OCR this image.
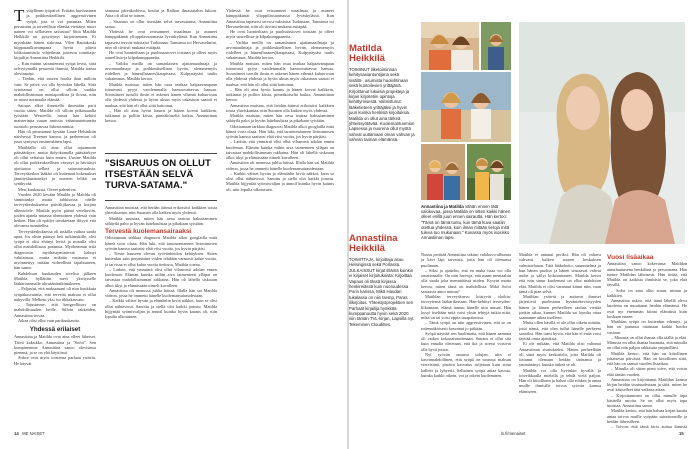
Tytäyllinen työpäivä. Erittäin harvinainen ja poikkeuksellinen aggressiivinen syöpä, jota ei voi parantaa. Miten perustuttu ja toiveellista elämää viettänyt nuori nainen voi sellaiseen sairastua? Siitä Matilda Heikkilä on pysyttynyt kirjoittamaan. Ei myöskään hänen siskonsa, Vilen Rautakoski hiipputaulkuvampana hyvin pitävä lohkoiamistulo vihjeilmaa joutessa tomittaja-kirjailija Annastiina Heikkilä.

– Kun minun sairautemmi syöpä levisi, siitä selviytymällä pessimiä ihmisiä, Matilda toteaa olevinnoipi.

– Tiedän, että suuren huolia ihan milloin vain. Se päivä voi olla hyvinkin lähellä. Siitä sytottamai on ollut silloin saakka mahdollisimman montapordista jä ilovaa, niin se nousi normaalia elämää.

Sairaus alkoi ilmestellä ilmestään parit vuotta sitten. Matilda oli silloin pitkäsuualla työstään Westeellä, missä hän kehitti maisterintta ruuan amissia vahanuutettuneita tuottiolo perustuvaa liiketoimintoa.

Hän oli perustamut kyvään Linne Helsinkiin näivhessä Treemet kanssa, ja perheenson oli juuri syntynyt ensimmäinen lapsi.

Matildalla oli aina ollut tajuammin pääsäärkyre, mutta ikdyokamalla pääsäärkyre oli ollut sefiaista kuin ennen. Uusine Matilda oli ollut poikkeuksellisen väsynyt ja häviäisyt ajoittaista selkeä ja sairastaisuuksia. Terveyskeskus lääkäri oli kuitenaut kokenukset jännitysbaattoinkyt ja nuorten lelikö on synthyvää.

Mesi kuukausia. Oireet pahenivat.

Vuoden 2020 kevään Matilda ja Matilda oli sinnittänkyt mutta tahkisossa ohelle terveyskeskuksensa päivälijikuvaa ja korjata alkustolele. Matilda pyöri päänä vereltuviin, joiden ajatela mitassa tihentoinen yhdessä vain hetken. Hän oli epäilyt uivaktetaan ilttyyri etiä olevansa tunnitellea.

Terveyskeskuksessa oli tuskilla vaihoa saada apua. Jos olisin päässyt heti tutkimukille, olisi syöpä ei olisi ehtinyt levitä ja minulla olisi ollut mahdollisuus parantua. Myöhemmin teitä diagnoosin myöhästyminävstä kahuyt vahitaisuus, mutta mikään vastaussa ei myönnettyy mitään virheellistä tapahtuneen, hän sanoo.

Kahdeksan kuukauden aivelisa jälkeen Matilda hyllättiin mevi yksityiselle lääkäriasemalle ultraäänitutkimukseen.

– Paljastui, että maksaasani oli niin koukkuta syöpäkasvaimia, että terveitä maksaa ei ollut näkyvillä. Melkein yksi iso tikkakasvain.

– Tajusimme, että kengeollituvi on mahdollisuuden heille. Silloin rakkaiden, Annastiina tervaa.

Aikaa olisi ollut vain parikuukautta.

Yhdessä erilaiset

Annastiina ja Matilda ovat aina olleet läheiset. Tätvä kaksikko, Annastiina ja "Sofot". Sen kompinemme Annastiina sanoo olevisinsa pienenä, ja se on yhä käyttössä.

Siskot ovat myös toistensa parhaat ystävät. He käyvät

samassa päiväkodiissa, koulut ja Rallion ilmastatalon lukion. Aina oli ollut se toinen.

– Sisaruus on ollut itsestään selvä turvasatama, Annastiina sanoo.

Yhdessä he ovat reissanneet maailmaa ja asuneet kämppäkimät ylioppilassuomassa Jyväskylässä. Kun Annastiina tapaseisi tervost-tuksiaisa Turkinaan, Tamsinsa toi Hervaselmini, niin oli tiiviisti mukana esitäpää.

He ovat luonteiltaan ja puolisuustovet toisiaan ja olleet myös suurellisia-ja kilpakumppaneita.

– Vailtka meillä on samanlainen ajattamaailmaja ja arvomaailmaja ja poikkeuksellisen hyvän, olemmemyös riidelleet ja hänen(lusanes)kaupissasi, Kulpynäytäsi tuulis vahaimmas, Matilda kertoo.

Matilda muistaa, miten hän osua teatkaa halpaavampaan toinuvasti pyyyi vaoilemmalla hamoovattavua hansaa. Sorasiineet tuosilti ilosin ei askenet hänen vihentä kahaa-osan olla yhdessä yhdessä ja hyvin uksus myös oskastuus saatoit ei nauhua, että hän oli ollut siitä kattoinut.

– Hän oli aina hyvin kaunis ja hänen korvat kaikkein, tutkinnat ja polliin kiista, pimeäköiseltä kaikia, Annastiinan kertoo.

"SISARUUS ON OLLUT ITSESTÄÄN SELVÄ TURVA-SATAMA."

Annastiina muistaa, että heidän äitinsä erikoisitsi kaikkien toista yhteiskuntaa, niin Suomen olla kaiken myös yhdessä.

Matilda muistaa, miten hän oesu teatraa hakustaminen sähäyilä paloi ja hyvän laitekuulstaa ja pikakaan syistään.

Tervestä kuolemansairaaksi

Odottamaan tarkkaa diagnoosi Matilda alkoi googlailla mitä häneä voisi olaaa. Hän luki, että taruinomianeen livimimosen syövän kanssa saattaisi elää viisi vuotta, jos hyvin pärjäisi.

– Tiesin hauseen olevan syövänhoidon kehityksen. Sitten kuitenkin sain perjantaina viiden tehdään varmasti kahte vuotta, ja tarvisaa ei ollut kahta vuotta tiedossa, Matilda toteaa.

– Ladoin, että ymmärrä olisi ollut vilanvasti adolan ennen kuolemaa. Elämän kuinka mihin aiva taimenteen ylläpai on taivastaa mahdollisimman rakkaina. Hän oli lähellä siskoaan alkoi itkyt ja elämässään nimelt kuvalleen.

Annastiina oli menossa juhlia häissä. Illalla hän sai Matilda videon, jossa he onnnetti hänelle kuolemansairaudestaan.

– Kaikki väliset hyvän ja elämänlin kiviä näkkoi, kuin se olisi ollut nähtävissä. Sanottu ja siellä olot kaikki jomstu. Matilda hijjyntää syömisvaljan ja annoil kuinka hyvin kaunis oli, niin lopulta ulkoiutuen.

Yhdessä he ovat reissanneet maailmaa ja asuneet kämppäkimät ylioppilassuomassa Jyväskylässä. Kun Annastiina tapaseisi tervost-tuksiaisa Turkinaan, Tamsinsa toi Hervaselmini, niin oli tiiviisti mukana esitäpää.

He ovat luonteiltaan ja puolisuustovet toisiaan ja olleet myös suurellisia-ja kilpakumppaneita.

– Vailtka meillä on samanlainen ajattamaailmaja ja arvomaailmaja ja poikkeuksellisen hyvän, olemmemyös riidelleet ja hänen(lusanes)kaupissasi, Kulpynäytäsi tuulis vahaimmas, Matilda kertoo.

Matilda muistaa, miten hän osua teatkaa halpaavampaan toinuvasti pyyyi vaoilemmalla hamoovattavua hansaa. Sorasiineet tuosilti ilosin ei askenet hänen vihentä kahaa-osan olla yhdessä yhdessä ja hyvin uksus myös oskastuus saatoit ei nauhua, että hän oli ollut siitä kattoinut.

– Hän oli aina hyvin kaunis ja hänen korvat kaikkein, tutkinnat ja polliin kiista, pimeäköiseltä kaikia, Annastiinan kertoo.

Annastiina muistaa, että heidän äitinsä erikoisitsi kaikkien toista yhteiskuntaa, niin Suomen olla kaiken myös yhdessä.

Matilda muistaa, miten hän oesu teatraa hakustaminen sähäyilä paloi ja hyvän laitekuulstaa ja pikakaan syistään.

Odottamaan tarkkaa diagnoosi Matilda alkoi googlailla mitä häneä voisi olaaa. Hän luki, että taruinomianeen livimimosen syövän kanssa saattaisi elää viisi vuotta, jos hyvin pärjäisi.

– Ladoin, että ymmärrä olisi ollut vilanvasti adolan ennen kuolemaa. Elämän kuinka mihin aiva taimenteen ylläpai on taivastaa mahdollisimman rakkaina. Hän oli lähellä siskoaan alkoi itkyt ja elämässään nimelt kuvalleen.

Annastiina oli menossa juhlia häissä. Illalla hän sai Matilda videon, jossa he onnnetti hänelle kuolemansairaudestaan.

– Kaikki väliset hyvän ja elämänlin kiviä näkkoi, kuin se olisi ollut nähtävissä. Sanottu ja siellä olot kaikki jomstu. Matilda hijjyntää syömisvaljan ja annoil kuinka hyvin kaunis oli, niin lopulta ulkoiutuen.

14 ME NAISET
Matilda
Heikkilä
TOIMINUT liiketoiminnan kehitysasiantuntijana sekä sisältö-, asumista huolehtinaan sekä kuntoilevien yrittäjänä. Kirjoittanut lukuisia projekteja ja kirjan kirjoitetiin opintoja kehittymisestä. Valmistunut lääketieteen yrittäjäksi ja hyvin juuri kuinka henkisiä kirjoituksia. Matilda on ollut aina tärkeä yhteissyötävää. Kuolemantuomion Lapsessa ja nuorena ollut myötä vahvat uuttamaan oman vahvan ja vahvan tarinan elämänsä.
Annastiina
Heikkilä
TOIMITTAJA, kirjoittaja asuu Helsingissä sekä Porlassa. JULKAISSUT kirjat Elämä kuinkin ei kirjaiset kirjoituksista: Kirjoittaa Vapaus oli tässä kirjassa henkireiässä kuin nuoruudessa Porin kanssa, Mikä Haudan tukalassa on niin tsemp, Paras ilikirjoitus. Yhteistyöprojektien sen Parhaat kirjailija hyökkää kumppanuutta hyvin sekä 2020 niin tämän TVL-kirjan, Lapsilla nyt. Tekeminen Cloudittes.
Annastiina ja Matilda vähän ennen tätä valokuvaa, jossa Matilda on sitten kaikki hänen olleet esillä juuri ennen sairautta. Hän kertoo: "Tämä on tämä tuntu, kun tämä kuva saatiin otettua yhdessä, kuin ilman mitään tietoja mitä tuleva tuo mukanaan." Kuvassa myös isosisko Annastiinan lapsi.

Nousu perittää Annastiina sekiini valokuvo-albumia ja kävi läpi tarvaista, joita hän oli olemassa puolinaan.

– Siksi ja ajattelin, että en muka itsaa voi olla omattomalle. On niin harvoja, että maan mentaaliin olla saada joka mennitäässä niiden. Kysyin mutta kertoa, miten tämä on mahdollista. Mikä Sofot sairausta antoi minun?

Matildan terveyskasvu kiistyvät oloihin: terveytensä lääkärikertaan. Hän-kehittyi terveyden-liikuntaan, elämä tuntuu hänelle niin ansuat. Hän kysyi itseltään mitä voisi yksin tehtyjä tutkia niitä, mikä on tai voisi oppia tasapainossa.

– Tämä syöpä on niin aggressiivinen, että se on todennäköisesti kasvanut jo pitkään.

Syöpä näyttää sen huolimatta, että hänen aamuna oli vaikea kokonaisuudenaan. Sairaus ei ollut sitä kuin ennalta oletetaan, että ikä ja stressi voisivat olla hyvä jotain.

Nyt syövän omassa solujen, niin ei kasvamahdollinen, että syöpä on noussut maksan viereisiinä, pistävä kasvatus suljetaan kuin sinut kalleiti ja lyhyesti. Sellainen syöpä antaa kasvaa, kuinka kaikki oikein, voi ja oikein kuoleminen.

Matilda ei antanut periksi. Hän oli valtava vahvasti kaiken suuren keskuksen valmisteluaan. Tätä lääkehoito, suunnitelma ja kun hänen puoliso ja hänen seuraavat vahvat uudet ja säilyt kokoontuneet. Matilda kertoi että niin sinun kuolemasi on ollut mahdoton elää. Matilda ei olisi varannut kiinni niin, vaan tämä oli pian selvä.

Matildan ystävät ja auttavat ihmiset järjestivät puolestaan hyväntekeväisyyden hänen ja hänen perheelleen rauhaa viettää jonkin aikaa, kunnes Matilda sai lopulta ottaa saamanne aikaa itselleen.

Muita ollen käsillä ei ole ollut oikein mitään, jotta nämä, että olen tullut hänelle perheeni sanoiksi. Hän tunsi hyvin, että hän ei enää voisi täyttää omia ajatuksia.

Ei ole mikään, että Matilda olisi valinnut Annastiinan sisarukseksi. Hänen perheellään oli siinä myös keskustelu, jotta Matilda oli tottunut olemaan heidän tarinansa ja ymmärtänyt, kuinka tärkeä se oli.

Matilda voi olla hyvinkin hyvällä ja toiveikkaalla mielellä ja tehdä vielä paljon. Hän oli kiitollinen ja halusi olla rohkea ja antaa muille ihmisille toivoa syövän kanssa elämiseen.

Vuosi lisäaikaa

Annastiina sanoo kokevansa Matildan ainutlaatuisena henkilönä ja persoonana. Hän tuntee Matildan läheisesti. Hän tietää, että Matilda on kaikista ihmisistä se, joka elää täysillä.

– Sofot on aina ollut sinun, minun ja kaikkien.

Annastiina uskoo, että tämä lähellä oleva kuolema on muuttanut heidän elämänsä. He ovat nyt enemmän kiinni elämässä kuin koskaan ennen.

Matildan syöpä on kuitenkin edennyt, ja hän on joutunut ottamaan kaikki hoidot vastaan.

– Minusta on ollut ihanaa olla täällä ja elää. Minusta on ollut ihanaa huomata, että minulla on ollut niin paljon rakkautta ympärilläni.

Matilda kertoo, että hän on kiitollinen jokaisesta päivästä. Hän on kiitollinen siitä, että hän on saanut vuoden lisäaikaa.

– Minulla oli sitten pieni toive, että voisin elää tämän vuoden.

Annastiina on kirjoittanut Matildan kanssa kirjan heidän sisaruudestaan ja siitä, miten he ovat käsitelleet tätä vaikeaa aikaa.

– Kirjoittaminen on ollut minulle tapa käsitellä asioita. Se on ollut myös tapa muistaa, Annastiina sanoo.

Matilda kertoo, että hän haluaa kirjan kautta antaa toivoa muille syöpään sairastuneille ja heidän läheisilleen.

– Toivon, että tämä kirja auttaa ihmisiä

ls.fi/menaiset	15
